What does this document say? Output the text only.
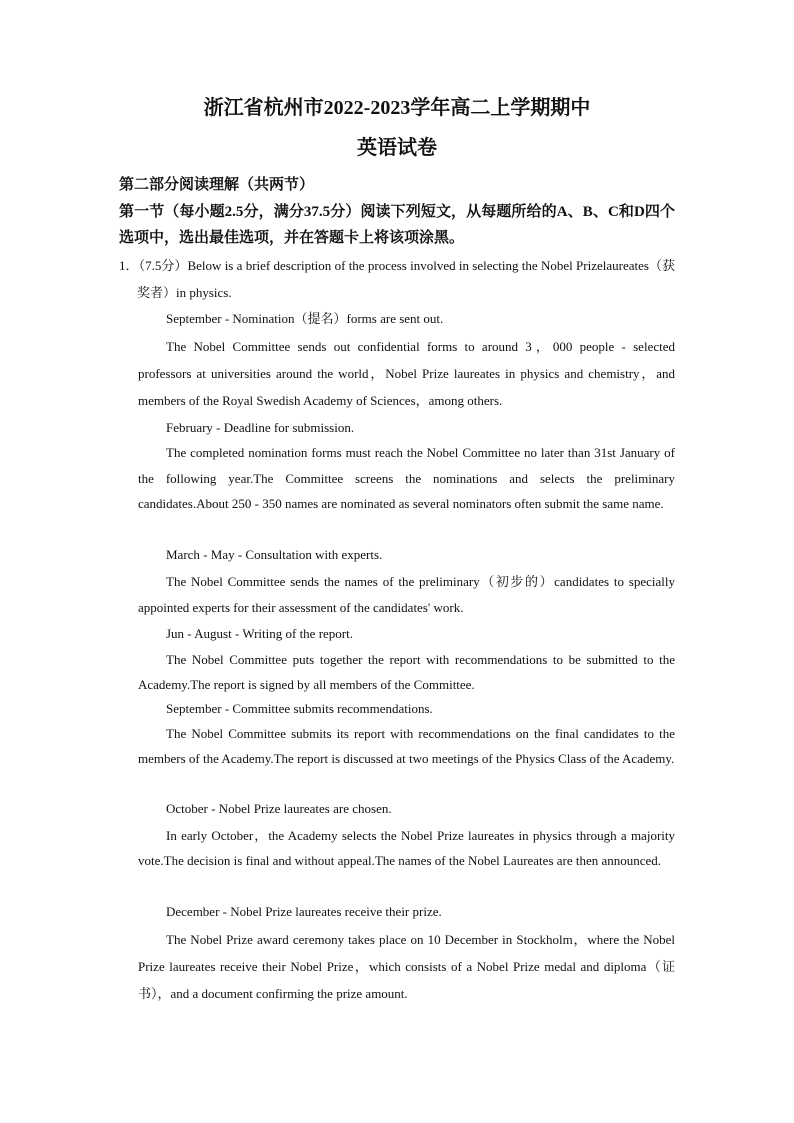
浙江省杭州市2022-2023学年高二上学期期中
英语试卷

第二部分阅读理解（共两节）

第一节（每小题2.5分，满分37.5分）阅读下列短文，从每题所给的A、B、C和D四个选项中，选出最佳选项，并在答题卡上将该项涂黑。

1．（7.5分）Below is a brief description of the process involved in selecting the Nobel Prizelaureates（获奖者）in physics.

September - Nomination（提名）forms are sent out.

The Nobel Committee sends out confidential forms to around 3，000 people - selected professors at universities around the world，Nobel Prize laureates in physics and chemistry，and members of the Royal Swedish Academy of Sciences，among others.

February - Deadline for submission.

The completed nomination forms must reach the Nobel Committee no later than 31st January of the following year.The Committee screens the nominations and selects the preliminary candidates.About 250 - 350 names are nominated as several nominators often submit the same name.

March - May - Consultation with experts.

The Nobel Committee sends the names of the preliminary（初步的）candidates to specially appointed experts for their assessment of the candidates' work.

Jun - August - Writing of the report.

The Nobel Committee puts together the report with recommendations to be submitted to the Academy.The report is signed by all members of the Committee.

September - Committee submits recommendations.

The Nobel Committee submits its report with recommendations on the final candidates to the members of the Academy.The report is discussed at two meetings of the Physics Class of the Academy.

October - Nobel Prize laureates are chosen.

In early October，the Academy selects the Nobel Prize laureates in physics through a majority vote.The decision is final and without appeal.The names of the Nobel Laureates are then announced.

December - Nobel Prize laureates receive their prize.

The Nobel Prize award ceremony takes place on 10 December in Stockholm，where the Nobel Prize laureates receive their Nobel Prize，which consists of a Nobel Prize medal and diploma（证书），and a document confirming the prize amount.
